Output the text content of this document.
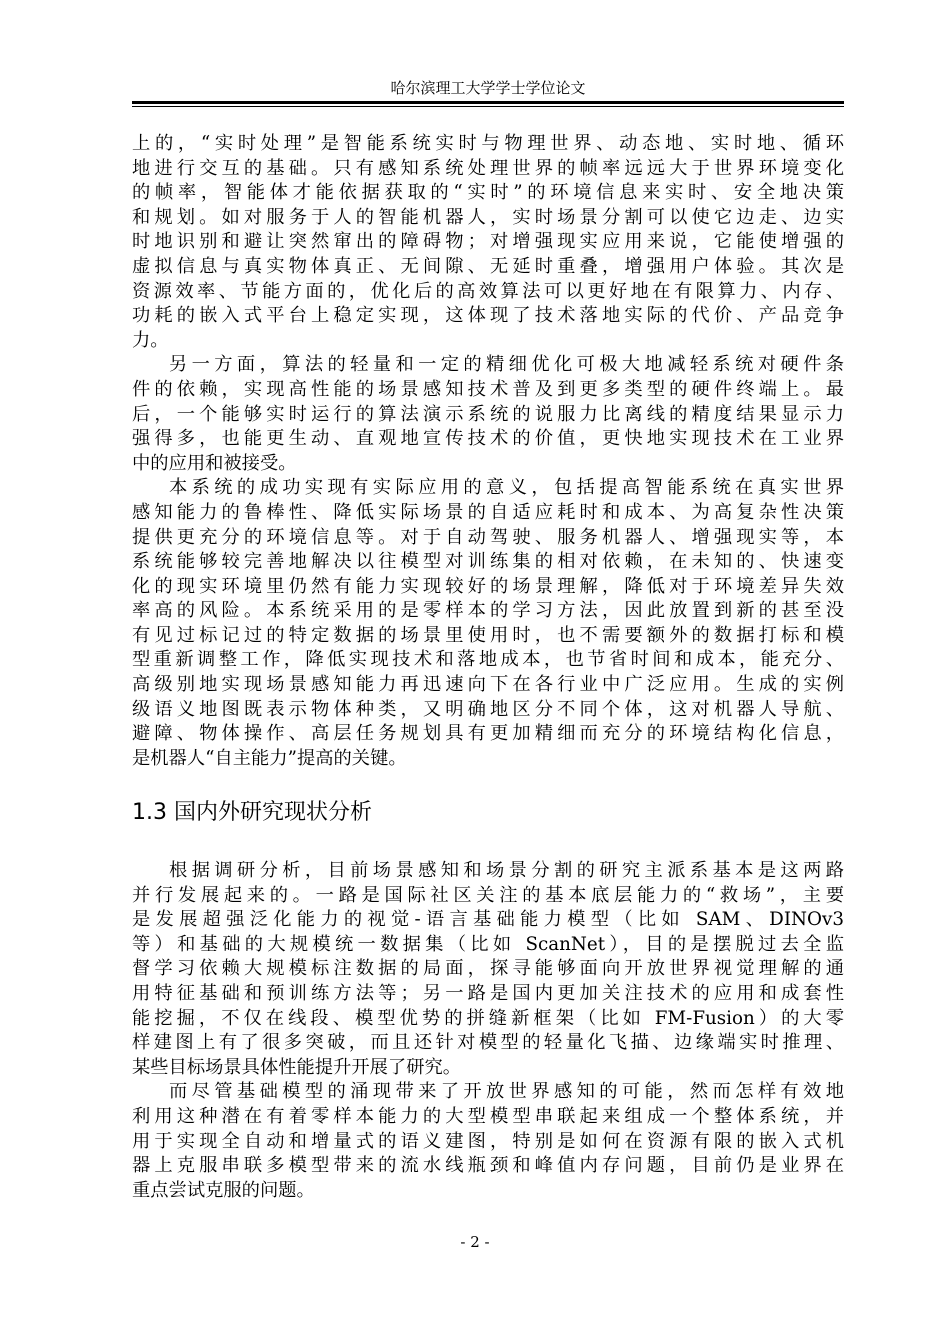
哈尔滨理工大学学士学位论文
上的，“实时处理”是智能系统实时与物理世界、动态地、实时地、循环
地进行交互的基础。只有感知系统处理世界的帧率远远大于世界环境变化
的帧率，智能体才能依据获取的“实时”的环境信息来实时、安全地决策
和规划。如对服务于人的智能机器人，实时场景分割可以使它边走、边实
时地识别和避让突然窜出的障碍物；对增强现实应用来说，它能使增强的
虚拟信息与真实物体真正、无间隙、无延时重叠，增强用户体验。其次是
资源效率、节能方面的，优化后的高效算法可以更好地在有限算力、内存、
功耗的嵌入式平台上稳定实现，这体现了技术落地实际的代价、产品竞争
力。
另一方面，算法的轻量和一定的精细优化可极大地减轻系统对硬件条
件的依赖，实现高性能的场景感知技术普及到更多类型的硬件终端上。最
后，一个能够实时运行的算法演示系统的说服力比离线的精度结果显示力
强得多，也能更生动、直观地宣传技术的价值，更快地实现技术在工业界
中的应用和被接受。
本系统的成功实现有实际应用的意义，包括提高智能系统在真实世界
感知能力的鲁棒性、降低实际场景的自适应耗时和成本、为高复杂性决策
提供更充分的环境信息等。对于自动驾驶、服务机器人、增强现实等，本
系统能够较完善地解决以往模型对训练集的相对依赖，在未知的、快速变
化的现实环境里仍然有能力实现较好的场景理解，降低对于环境差异失效
率高的风险。本系统采用的是零样本的学习方法，因此放置到新的甚至没
有见过标记过的特定数据的场景里使用时，也不需要额外的数据打标和模
型重新调整工作，降低实现技术和落地成本，也节省时间和成本，能充分、
高级别地实现场景感知能力再迅速向下在各行业中广泛应用。生成的实例
级语义地图既表示物体种类，又明确地区分不同个体，这对机器人导航、
避障、物体操作、高层任务规划具有更加精细而充分的环境结构化信息，
是机器人“自主能力”提高的关键。
1.3 国内外研究现状分析
根据调研分析，目前场景感知和场景分割的研究主派系基本是这两路
并行发展起来的。一路是国际社区关注的基本底层能力的“救场”，主要
是发展超强泛化能力的视觉-语言基础能力模型（比如 SAM、DINOv3
等）和基础的大规模统一数据集（比如 ScanNet），目的是摆脱过去全监
督学习依赖大规模标注数据的局面，探寻能够面向开放世界视觉理解的通
用特征基础和预训练方法等；另一路是国内更加关注技术的应用和成套性
能挖掘，不仅在线段、模型优势的拼缝新框架（比如 FM-Fusion）的大零
样建图上有了很多突破，而且还针对模型的轻量化飞描、边缘端实时推理、
某些目标场景具体性能提升开展了研究。
而尽管基础模型的涌现带来了开放世界感知的可能，然而怎样有效地
利用这种潜在有着零样本能力的大型模型串联起来组成一个整体系统，并
用于实现全自动和增量式的语义建图，特别是如何在资源有限的嵌入式机
器上克服串联多模型带来的流水线瓶颈和峰值内存问题，目前仍是业界在
重点尝试克服的问题。
- 2 -
